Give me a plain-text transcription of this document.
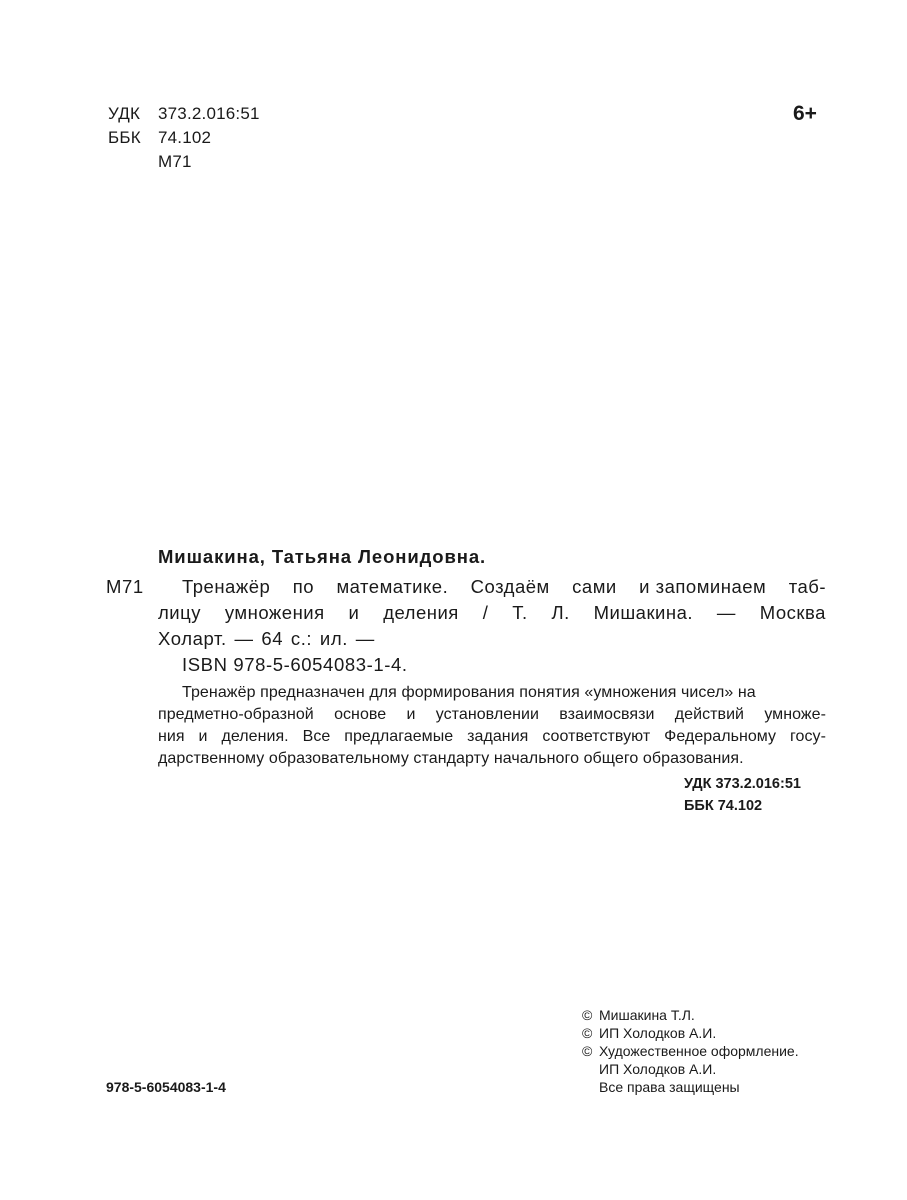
УДК 373.2.016:51
ББК 74.102
М71
6+
Мишакина, Татьяна Леонидовна.
М71 Тренажёр по математике. Создаём сами и запоминаем таб-
лицу умножения и деления / Т. Л. Мишакина. — Москва
Холарт. — 64 с.: ил. —
ISBN 978-5-6054083-1-4.
Тренажёр предназначен для формирования понятия «умножения чисел» на
предметно-образной основе и установлении взаимосвязи действий умноже-
ния и деления. Все предлагаемые задания соответствуют Федеральному госу-
дарственному образовательному стандарту начального общего образования.
УДК 373.2.016:51
ББК 74.102
© Мишакина Т.Л.
© ИП Холодков А.И.
© Художественное оформление.
ИП Холодков А.И.
Все права защищены
978-5-6054083-1-4
